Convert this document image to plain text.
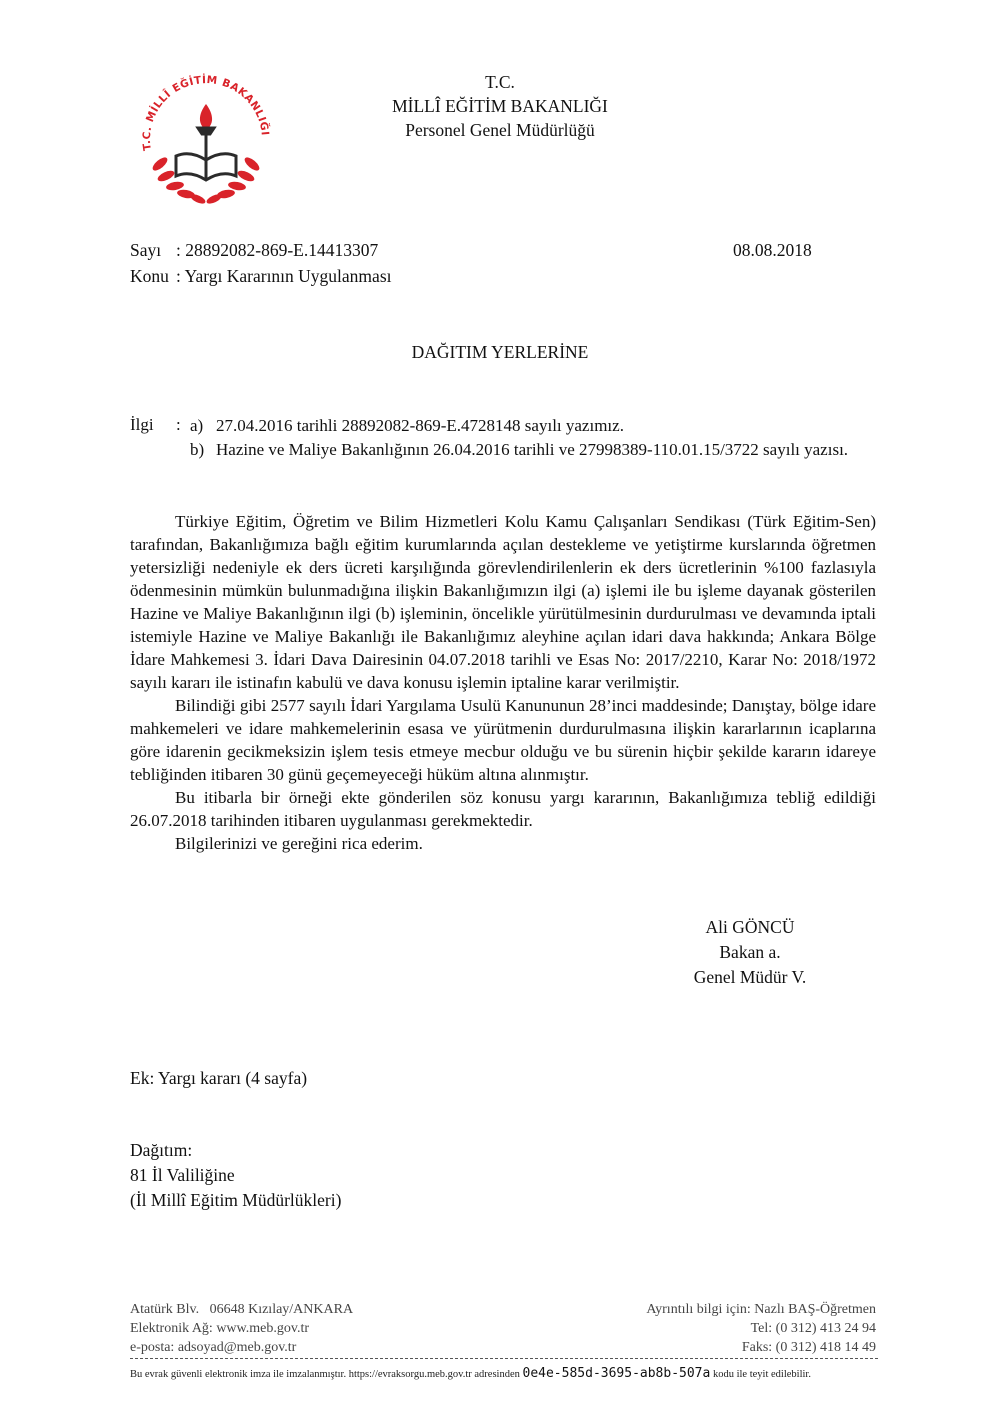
T.C. MİLLÎ EĞİTİM BAKANLIĞI
T.C.
MİLLÎ EĞİTİM BAKANLIĞI
Personel Genel Müdürlüğü
Sayı : 28892082-869-E.14413307
Konu : Yargı Kararının Uygulanması
08.08.2018
DAĞITIM YERLERİNE
İlgi : a) 27.04.2016 tarihli 28892082-869-E.4728148 sayılı yazımız.
b) Hazine ve Maliye Bakanlığının 26.04.2016 tarihli ve 27998389-110.01.15/3722 sayılı yazısı.

Türkiye Eğitim, Öğretim ve Bilim Hizmetleri Kolu Kamu Çalışanları Sendikası (Türk Eğitim-Sen) tarafından, Bakanlığımıza bağlı eğitim kurumlarında açılan destekleme ve yetiştirme kurslarında öğretmen yetersizliği nedeniyle ek ders ücreti karşılığında görevlendirilenlerin ek ders ücretlerinin %100 fazlasıyla ödenmesinin mümkün bulunmadığına ilişkin Bakanlığımızın ilgi (a) işlemi ile bu işleme dayanak gösterilen Hazine ve Maliye Bakanlığının ilgi (b) işleminin, öncelikle yürütülmesinin durdurulması ve devamında iptali istemiyle Hazine ve Maliye Bakanlığı ile Bakanlığımız aleyhine açılan idari dava hakkında; Ankara Bölge İdare Mahkemesi 3. İdari Dava Dairesinin 04.07.2018 tarihli ve Esas No: 2017/2210, Karar No: 2018/1972 sayılı kararı ile istinafın kabulü ve dava konusu işlemin iptaline karar verilmiştir.

Bilindiği gibi 2577 sayılı İdari Yargılama Usulü Kanununun 28’inci maddesinde; Danıştay, bölge idare mahkemeleri ve idare mahkemelerinin esasa ve yürütmenin durdurulmasına ilişkin kararlarının icaplarına göre idarenin gecikmeksizin işlem tesis etmeye mecbur olduğu ve bu sürenin hiçbir şekilde kararın idareye tebliğinden itibaren 30 günü geçemeyeceği hüküm altına alınmıştır.

Bu itibarla bir örneği ekte gönderilen söz konusu yargı kararının, Bakanlığımıza tebliğ edildiği 26.07.2018 tarihinden itibaren uygulanması gerekmektedir.

Bilgilerinizi ve gereğini rica ederim.

Ali GÖNCÜ
Bakan a.
Genel Müdür V.
Ek: Yargı kararı (4 sayfa)
Dağıtım:
81 İl Valiliğine
(İl Millî Eğitim Müdürlükleri)
Atatürk Blv.   06648 Kızılay/ANKARA
Elektronik Ağ: www.meb.gov.tr
e-posta: adsoyad@meb.gov.tr
Ayrıntılı bilgi için: Nazlı BAŞ-Öğretmen
Tel: (0 312) 413 24 94
Faks: (0 312) 418 14 49
Bu evrak güvenli elektronik imza ile imzalanmıştır. https://evraksorgu.meb.gov.tr adresinden 0e4e-585d-3695-ab8b-507a kodu ile teyit edilebilir.
